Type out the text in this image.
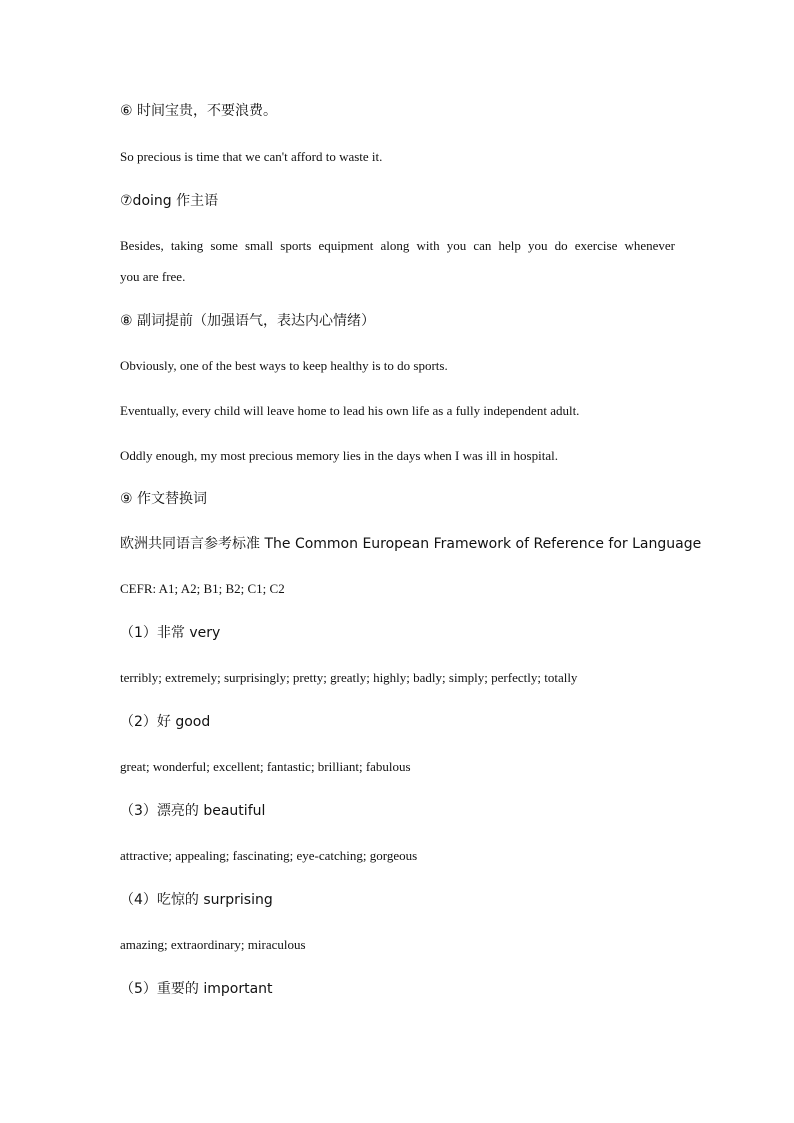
⑥ 时间宝贵，不要浪费。

So precious is time that we can't afford to waste it.

⑦doing 作主语

Besides, taking some small sports equipment along with you can help you do exercise whenever

you are free.

⑧ 副词提前（加强语气，表达内心情绪）

Obviously, one of the best ways to keep healthy is to do sports.

Eventually, every child will leave home to lead his own life as a fully independent adult.

Oddly enough, my most precious memory lies in the days when I was ill in hospital.

⑨ 作文替换词

欧洲共同语言参考标准 The Common European Framework of Reference for Language

CEFR: A1; A2; B1; B2; C1; C2

（1）非常 very

terribly; extremely; surprisingly; pretty; greatly; highly; badly; simply; perfectly; totally

（2）好 good

great; wonderful; excellent; fantastic; brilliant; fabulous

（3）漂亮的 beautiful

attractive; appealing; fascinating; eye-catching; gorgeous

（4）吃惊的 surprising

amazing; extraordinary; miraculous

（5）重要的 important
